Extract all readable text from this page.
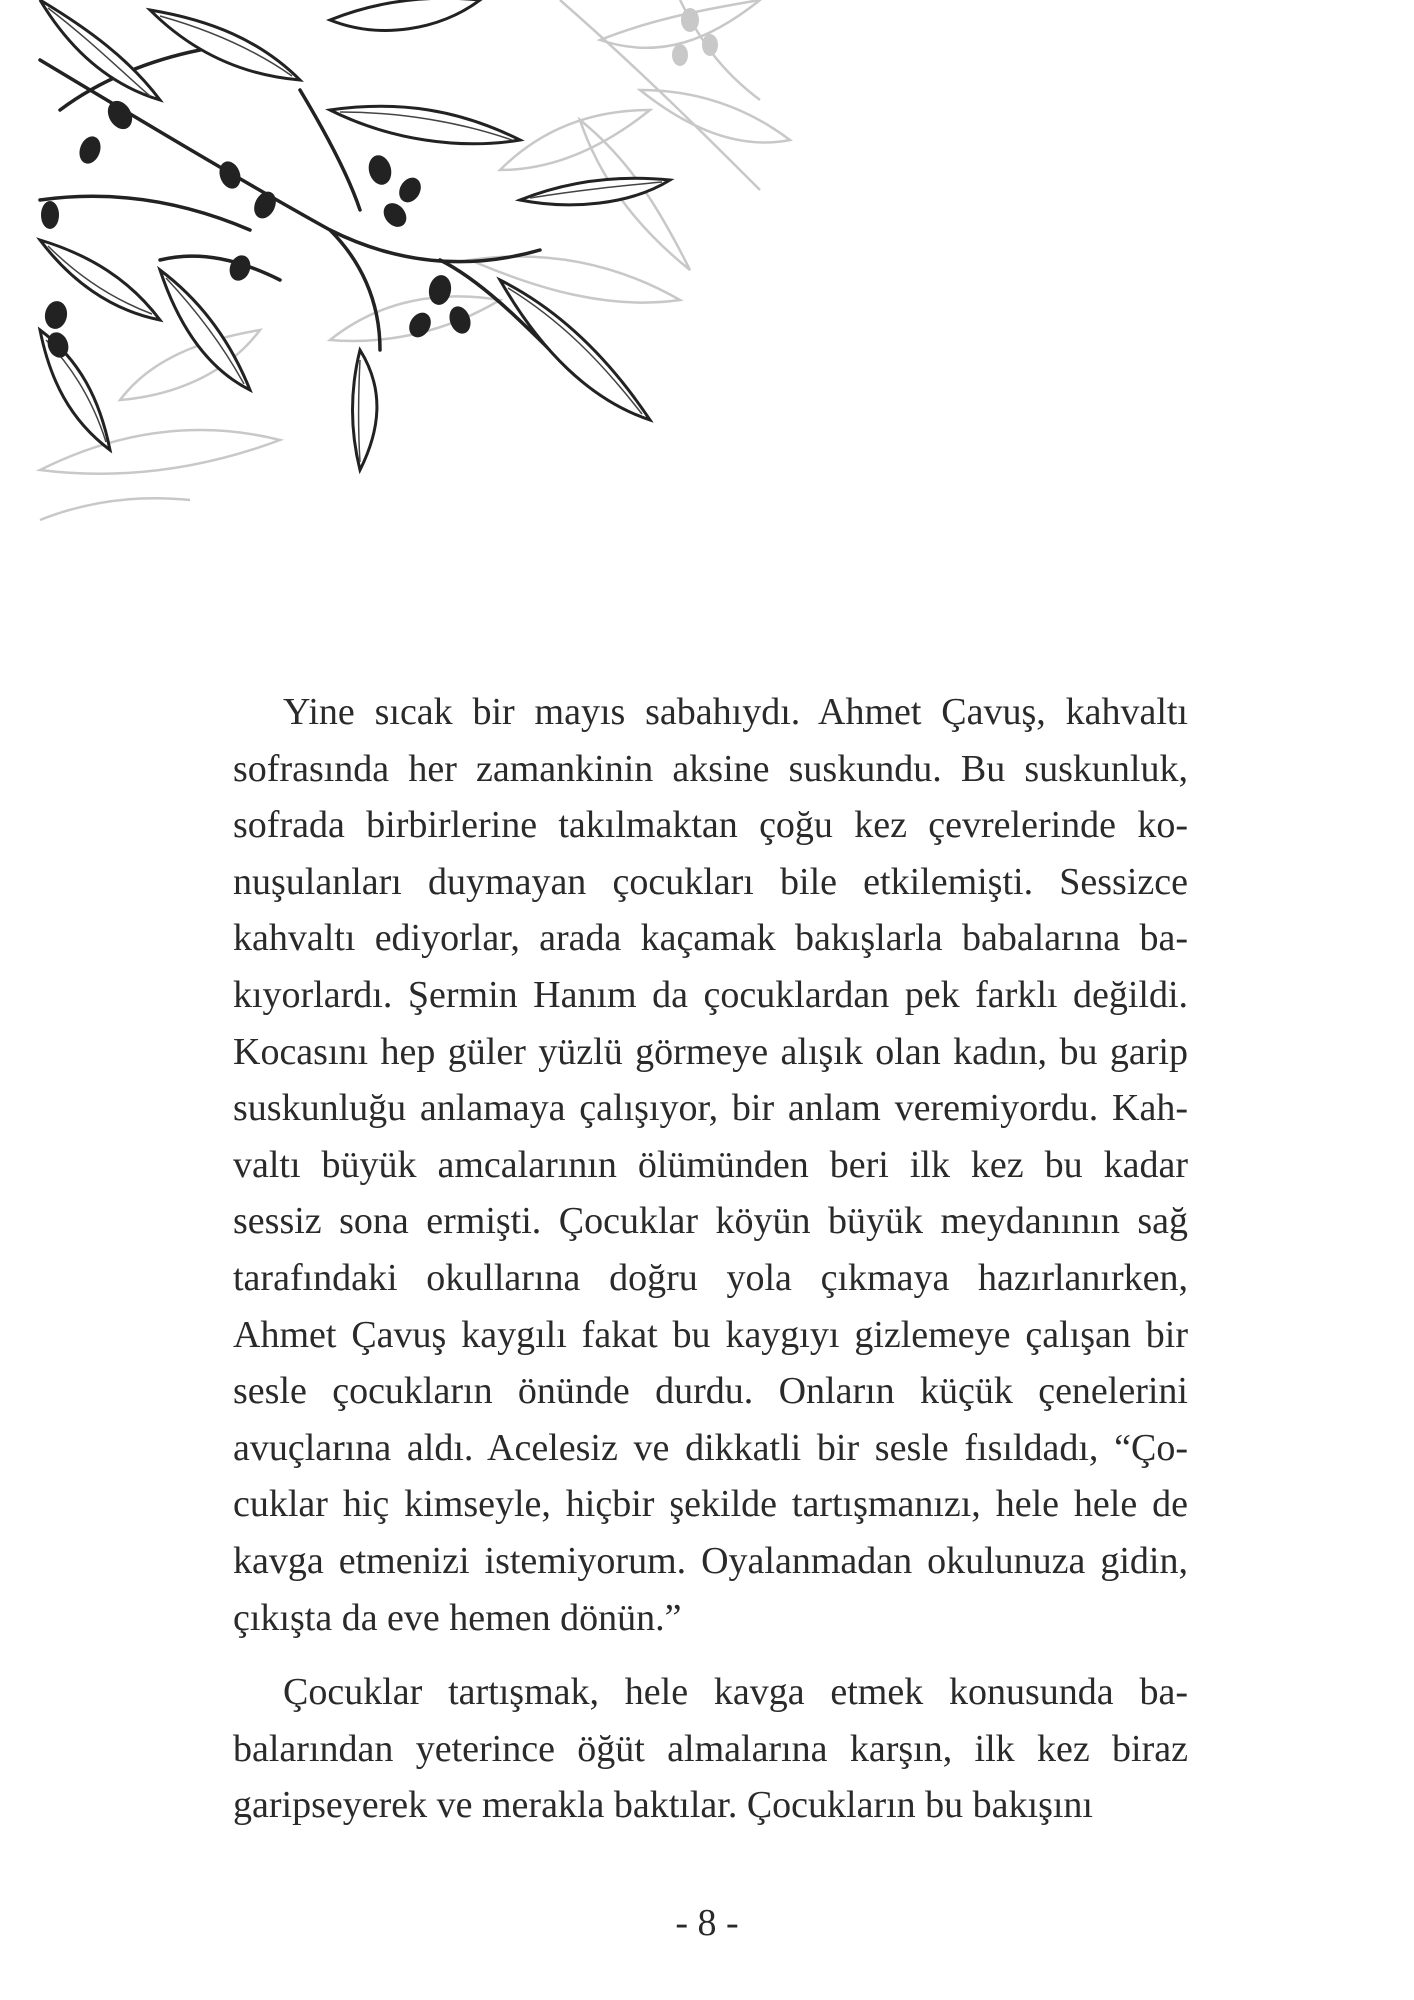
Yine sıcak bir mayıs sabahıydı. Ahmet Çavuş, kahvaltı sofrasında her zamankinin aksine suskundu. Bu suskunluk, sofrada birbirlerine takılmaktan çoğu kez çevrelerinde konuşulanları duymayan çocukları bile etkilemişti. Sessizce kahvaltı ediyorlar, arada kaçamak bakışlarla babalarına bakıyorlardı. Şermin Hanım da çocuklardan pek farklı değildi. Kocasını hep güler yüzlü görmeye alışık olan kadın, bu garip suskunluğu anlamaya çalışıyor, bir anlam veremiyordu. Kahvaltı büyük amcalarının ölümünden beri ilk kez bu kadar sessiz sona ermişti. Çocuklar köyün büyük meydanının sağ tarafındaki okullarına doğru yola çıkmaya hazırlanırken, Ahmet Çavuş kaygılı fakat bu kaygıyı gizlemeye çalışan bir sesle çocukların önünde durdu. Onların küçük çenelerini avuçlarına aldı. Acelesiz ve dikkatli bir sesle fısıldadı, “Çocuklar hiç kimseyle, hiçbir şekilde tartışmanızı, hele hele de kavga etmenizi istemiyorum. Oyalanmadan okulunuza gidin, çıkışta da eve hemen dönün.”

Çocuklar tartışmak, hele kavga etmek konusunda babalarından yeterince öğüt almalarına karşın, ilk kez biraz garipseyerek ve merakla baktılar. Çocukların bu bakışını

- 8 -
